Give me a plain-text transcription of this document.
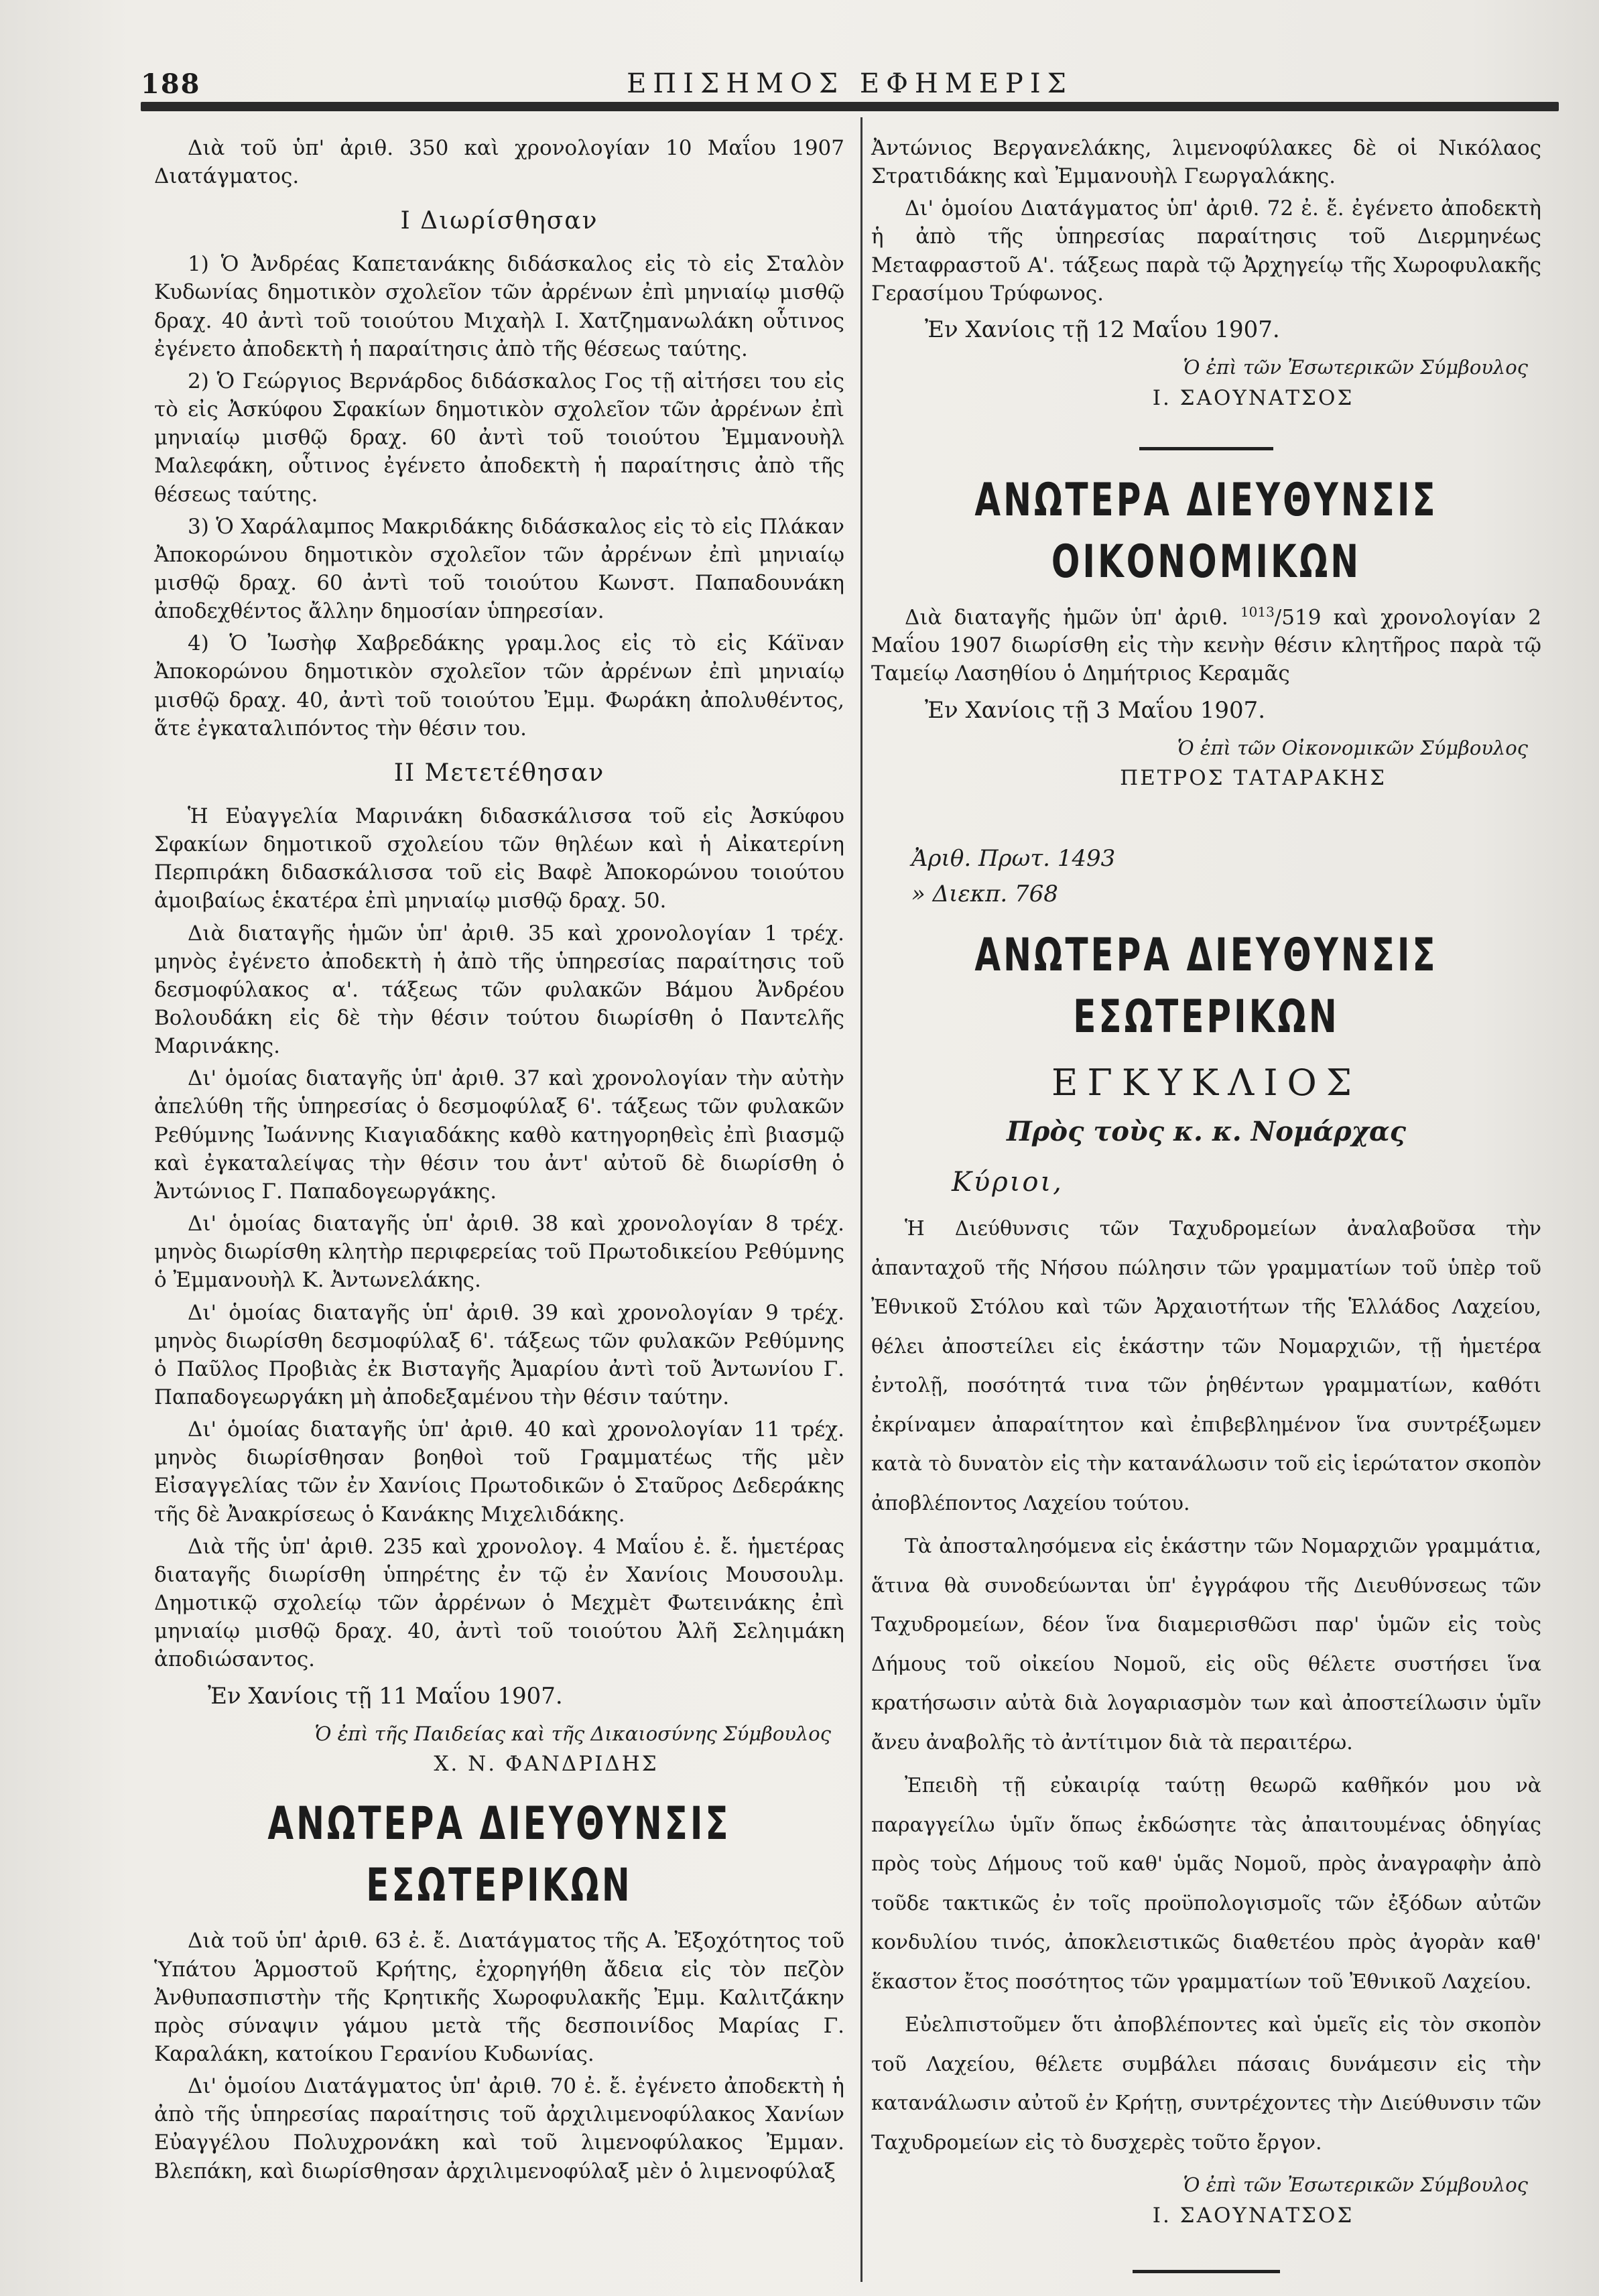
188	ΕΠΙΣΗΜΟΣ ΕΦΗΜΕΡΙΣ

Διὰ τοῦ ὑπ' ἀριθ. 350 καὶ χρονολογίαν 10 Μαΐου 1907 Διατάγματος.

Ι Διωρίσθησαν

1) Ὁ Ἀνδρέας Καπετανάκης διδάσκαλος εἰς τὸ εἰς Σταλὸν Κυδωνίας δημοτικὸν σχολεῖον τῶν ἀρρένων ἐπὶ μηνιαίῳ μισθῷ δραχ. 40 ἀντὶ τοῦ τοιούτου Μιχαὴλ Ι. Χατζημανωλάκη οὗτινος ἐγένετο ἀποδεκτὴ ἡ παραίτησις ἀπὸ τῆς θέσεως ταύτης.

2) Ὁ Γεώργιος Βερνάρδος διδάσκαλος Γος τῇ αἰτήσει του εἰς τὸ εἰς Ἀσκύφου Σφακίων δημοτικὸν σχολεῖον τῶν ἀρρένων ἐπὶ μηνιαίῳ μισθῷ δραχ. 60 ἀντὶ τοῦ τοιούτου Ἐμμανουὴλ Μαλεφάκη, οὗτινος ἐγένετο ἀποδεκτὴ ἡ παραίτησις ἀπὸ τῆς θέσεως ταύτης.

3) Ὁ Χαράλαμπος Μακριδάκης διδάσκαλος εἰς τὸ εἰς Πλάκαν Ἀποκορώνου δημοτικὸν σχολεῖον τῶν ἀρρένων ἐπὶ μηνιαίῳ μισθῷ δραχ. 60 ἀντὶ τοῦ τοιούτου Κωνστ. Παπαδουνάκη ἀποδεχθέντος ἄλλην δημοσίαν ὑπηρεσίαν.

4) Ὁ Ἰωσὴφ Χαβρεδάκης γραμ.λος εἰς τὸ εἰς Κάϊναν Ἀποκορώνου δημοτικὸν σχολεῖον τῶν ἀρρένων ἐπὶ μηνιαίῳ μισθῷ δραχ. 40, ἀντὶ τοῦ τοιούτου Ἐμμ. Φωράκη ἀπολυθέντος, ἅτε ἐγκαταλιπόντος τὴν θέσιν του.

ΙΙ Μετετέθησαν

Ἡ Εὐαγγελία Μαρινάκη διδασκάλισσα τοῦ εἰς Ἀσκύφου Σφακίων δημοτικοῦ σχολείου τῶν θηλέων καὶ ἡ Αἰκατερίνη Περπιράκη διδασκάλισσα τοῦ εἰς Βαφὲ Ἀποκορώνου τοιούτου ἀμοιβαίως ἑκατέρα ἐπὶ μηνιαίῳ μισθῷ δραχ. 50.

Διὰ διαταγῆς ἡμῶν ὑπ' ἀριθ. 35 καὶ χρονολογίαν 1 τρέχ. μηνὸς ἐγένετο ἀποδεκτὴ ἡ ἀπὸ τῆς ὑπηρεσίας παραίτησις τοῦ δεσμοφύλακος α'. τάξεως τῶν φυλακῶν Βάμου Ἀνδρέου Βολουδάκη εἰς δὲ τὴν θέσιν τούτου διωρίσθη ὁ Παντελῆς Μαρινάκης.

Δι' ὁμοίας διαταγῆς ὑπ' ἀριθ. 37 καὶ χρονολογίαν τὴν αὐτὴν ἀπελύθη τῆς ὑπηρεσίας ὁ δεσμοφύλαξ 6'. τάξεως τῶν φυλακῶν Ρεθύμνης Ἰωάννης Κιαγιαδάκης καθὸ κατηγορηθεὶς ἐπὶ βιασμῷ καὶ ἐγκαταλείψας τὴν θέσιν του ἀντ' αὐτοῦ δὲ διωρίσθη ὁ Ἀντώνιος Γ. Παπαδογεωργάκης.

Δι' ὁμοίας διαταγῆς ὑπ' ἀριθ. 38 καὶ χρονολογίαν 8 τρέχ. μηνὸς διωρίσθη κλητὴρ περιφερείας τοῦ Πρωτοδικείου Ρεθύμνης ὁ Ἐμμανουὴλ Κ. Ἀντωνελάκης.

Δι' ὁμοίας διαταγῆς ὑπ' ἀριθ. 39 καὶ χρονολογίαν 9 τρέχ. μηνὸς διωρίσθη δεσμοφύλαξ 6'. τάξεως τῶν φυλακῶν Ρεθύμνης ὁ Παῦλος Προβιὰς ἐκ Βισταγῆς Ἀμαρίου ἀντὶ τοῦ Ἀντωνίου Γ. Παπαδογεωργάκη μὴ ἀποδεξαμένου τὴν θέσιν ταύτην.

Δι' ὁμοίας διαταγῆς ὑπ' ἀριθ. 40 καὶ χρονολογίαν 11 τρέχ. μηνὸς διωρίσθησαν βοηθοὶ τοῦ Γραμματέως τῆς μὲν Εἰσαγγελίας τῶν ἐν Χανίοις Πρωτοδικῶν ὁ Σταῦρος Δεδεράκης τῆς δὲ Ἀνακρίσεως ὁ Κανάκης Μιχελιδάκης.

Διὰ τῆς ὑπ' ἀριθ. 235 καὶ χρονολογ. 4 Μαΐου ἐ. ἔ. ἡμετέρας διαταγῆς διωρίσθη ὑπηρέτης ἐν τῷ ἐν Χανίοις Μουσουλμ. Δημοτικῷ σχολείῳ τῶν ἀρρένων ὁ Μεχμὲτ Φωτεινάκης ἐπὶ μηνιαίῳ μισθῷ δραχ. 40, ἀντὶ τοῦ τοιούτου Ἀλῆ Σεληιμάκη ἀποδιώσαντος.

Ἐν Χανίοις τῇ 11 Μαΐου 1907.
Ὁ ἐπὶ τῆς Παιδείας καὶ τῆς Δικαιοσύνης Σύμβουλος
Χ. Ν. ΦΑΝΔΡΙΔΗΣ
ΑΝΩΤΕΡΑ ΔΙΕΥΘΥΝΣΙΣ ΕΣΩΤΕΡΙΚΩΝ

Διὰ τοῦ ὑπ' ἀριθ. 63 ἐ. ἔ. Διατάγματος τῆς Α. Ἐξοχότητος τοῦ Ὑπάτου Ἁρμοστοῦ Κρήτης, ἐχορηγήθη ἄδεια εἰς τὸν πεζὸν Ἀνθυπασπιστὴν τῆς Κρητικῆς Χωροφυλακῆς Ἐμμ. Καλιτζάκην πρὸς σύναψιν γάμου μετὰ τῆς δεσποινίδος Μαρίας Γ. Καραλάκη, κατοίκου Γερανίου Κυδωνίας.

Δι' ὁμοίου Διατάγματος ὑπ' ἀριθ. 70 ἐ. ἔ. ἐγένετο ἀποδεκτὴ ἡ ἀπὸ τῆς ὑπηρεσίας παραίτησις τοῦ ἀρχιλιμενοφύλακος Χανίων Εὐαγγέλου Πολυχρονάκη καὶ τοῦ λιμενοφύλακος Ἐμμαν. Βλεπάκη, καὶ διωρίσθησαν ἀρχιλιμενοφύλαξ μὲν ὁ λιμενοφύλαξ

Ἀντώνιος Βεργανελάκης, λιμενοφύλακες δὲ οἱ Νικόλαος Στρατιδάκης καὶ Ἐμμανουὴλ Γεωργαλάκης.

Δι' ὁμοίου Διατάγματος ὑπ' ἀριθ. 72 ἐ. ἔ. ἐγένετο ἀποδεκτὴ ἡ ἀπὸ τῆς ὑπηρεσίας παραίτησις τοῦ Διερμηνέως Μεταφραστοῦ Α'. τάξεως παρὰ τῷ Ἀρχηγείῳ τῆς Χωροφυλακῆς Γερασίμου Τρύφωνος.

Ἐν Χανίοις τῇ 12 Μαΐου 1907.
Ὁ ἐπὶ τῶν Ἐσωτερικῶν Σύμβουλος
Ι. ΣΑΟΥΝΑΤΣΟΣ
ΑΝΩΤΕΡΑ ΔΙΕΥΘΥΝΣΙΣ ΟΙΚΟΝΟΜΙΚΩΝ

Διὰ διαταγῆς ἡμῶν ὑπ' ἀριθ. $^{1013}$/519 καὶ χρονολογίαν 2 Μαΐου 1907 διωρίσθη εἰς τὴν κενὴν θέσιν κλητῆρος παρὰ τῷ Ταμείῳ Λασηθίου ὁ Δημήτριος Κεραμᾶς

Ἐν Χανίοις τῇ 3 Μαΐου 1907.
Ὁ ἐπὶ τῶν Οἰκονομικῶν Σύμβουλος
ΠΕΤΡΟΣ ΤΑΤΑΡΑΚΗΣ
Ἀριθ. Πρωτ. 1493
» Διεκπ. 768
ΑΝΩΤΕΡΑ ΔΙΕΥΘΥΝΣΙΣ ΕΣΩΤΕΡΙΚΩΝ
ΕΓΚΥΚΛΙΟΣ
Πρὸς τοὺς κ. κ. Νομάρχας
Κύριοι,

Ἡ Διεύθυνσις τῶν Ταχυδρομείων ἀναλαβοῦσα τὴν ἀπανταχοῦ τῆς Νήσου πώλησιν τῶν γραμματίων τοῦ ὑπὲρ τοῦ Ἐθνικοῦ Στόλου καὶ τῶν Ἀρχαιοτήτων τῆς Ἑλλάδος Λαχείου, θέλει ἀποστείλει εἰς ἑκάστην τῶν Νομαρχιῶν, τῇ ἡμετέρα ἐντολῇ, ποσότητά τινα τῶν ῥηθέντων γραμματίων, καθότι ἐκρίναμεν ἀπαραίτητον καὶ ἐπιβεβλημένον ἵνα συντρέξωμεν κατὰ τὸ δυνατὸν εἰς τὴν κατανάλωσιν τοῦ εἰς ἱερώτατον σκοπὸν ἀποβλέποντος Λαχείου τούτου.

Τὰ ἀποσταλησόμενα εἰς ἑκάστην τῶν Νομαρχιῶν γραμμάτια, ἅτινα θὰ συνοδεύωνται ὑπ' ἐγγράφου τῆς Διευθύνσεως τῶν Ταχυδρομείων, δέον ἵνα διαμερισθῶσι παρ' ὑμῶν εἰς τοὺς Δήμους τοῦ οἰκείου Νομοῦ, εἰς οὓς θέλετε συστήσει ἵνα κρατήσωσιν αὐτὰ διὰ λογαριασμὸν των καὶ ἀποστείλωσιν ὑμῖν ἄνευ ἀναβολῆς τὸ ἀντίτιμον διὰ τὰ περαιτέρω.

Ἐπειδὴ τῇ εὐκαιρίᾳ ταύτῃ θεωρῶ καθῆκόν μου νὰ παραγγείλω ὑμῖν ὅπως ἐκδώσητε τὰς ἀπαιτουμένας ὁδηγίας πρὸς τοὺς Δήμους τοῦ καθ' ὑμᾶς Νομοῦ, πρὸς ἀναγραφὴν ἀπὸ τοῦδε τακτικῶς ἐν τοῖς προϋπολογισμοῖς τῶν ἐξόδων αὐτῶν κονδυλίου τινός, ἀποκλειστικῶς διαθετέου πρὸς ἀγορὰν καθ' ἕκαστον ἔτος ποσότητος τῶν γραμματίων τοῦ Ἐθνικοῦ Λαχείου.

Εὐελπιστοῦμεν ὅτι ἀποβλέποντες καὶ ὑμεῖς εἰς τὸν σκοπὸν τοῦ Λαχείου, θέλετε συμβάλει πάσαις δυνάμεσιν εἰς τὴν κατανάλωσιν αὐτοῦ ἐν Κρήτῃ, συντρέχοντες τὴν Διεύθυνσιν τῶν Ταχυδρομείων εἰς τὸ δυσχερὲς τοῦτο ἔργον.

Ὁ ἐπὶ τῶν Ἐσωτερικῶν Σύμβουλος
Ι. ΣΑΟΥΝΑΤΣΟΣ
